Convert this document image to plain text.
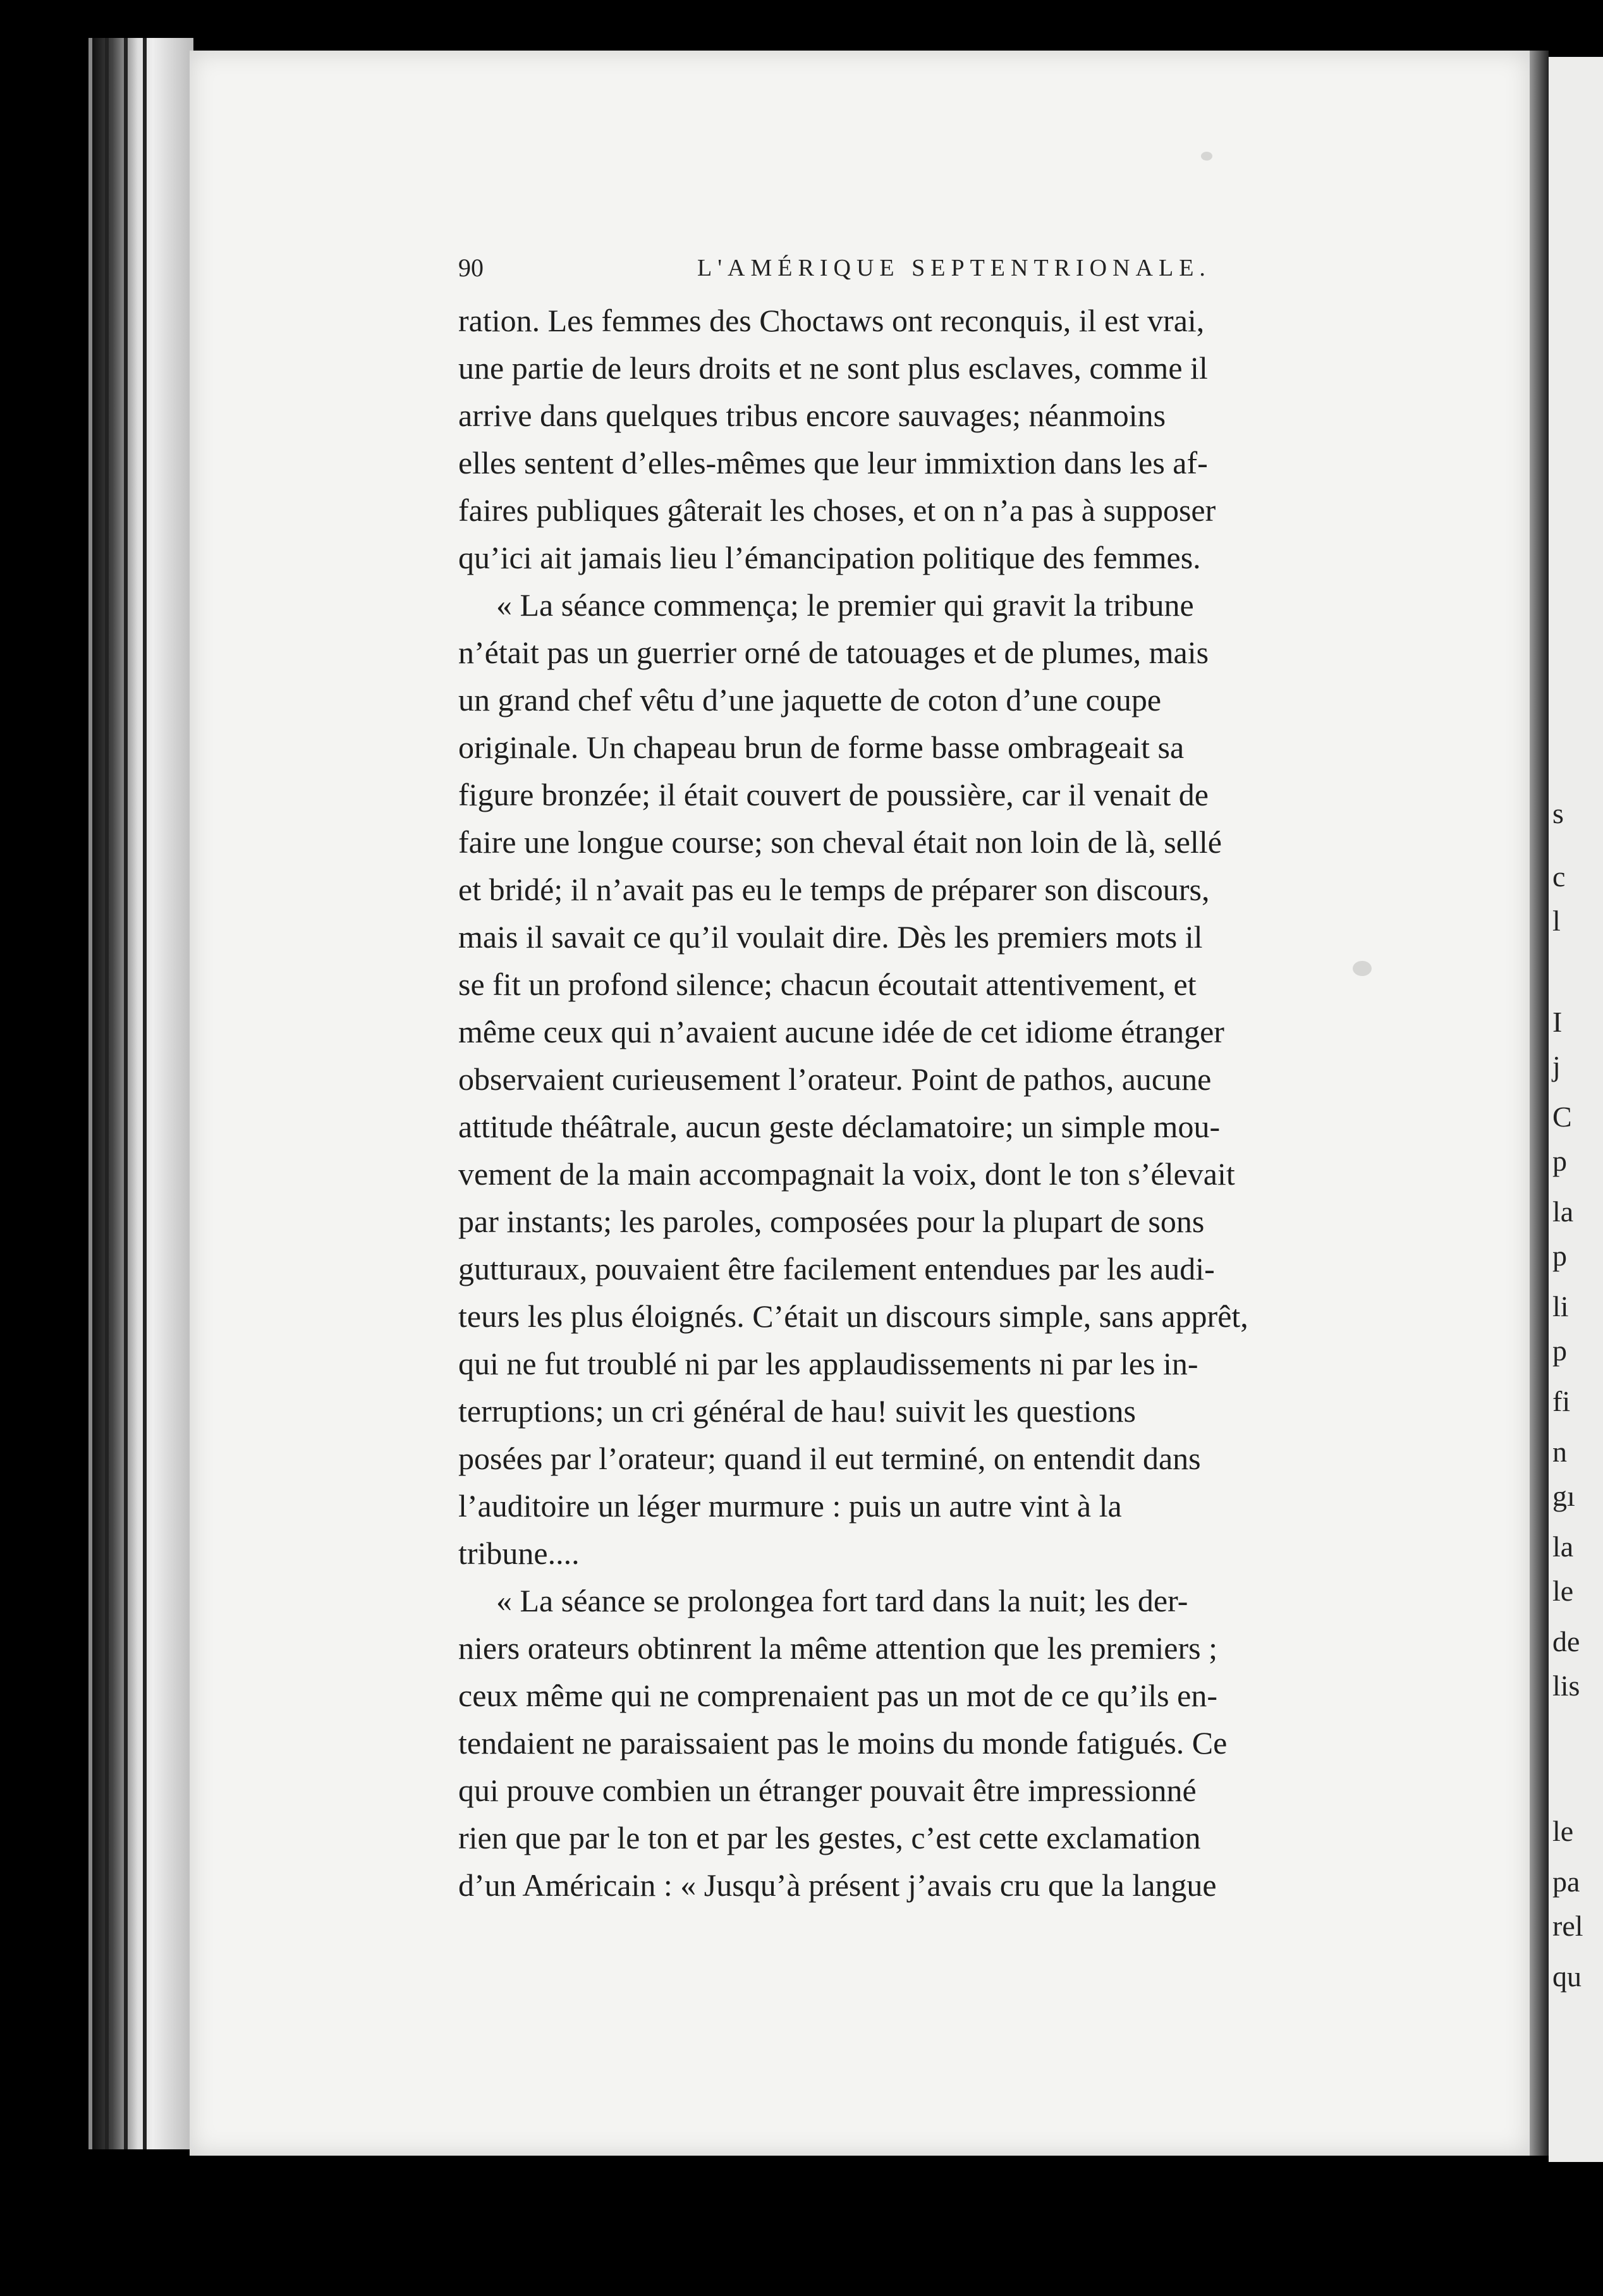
s
c
l
I
j
C
p
la
p
li
p
fi
n
gı
la
le
de
lis
le
pa
rel
qu
90	L'AMÉRIQUE SEPTENTRIONALE.
ration. Les femmes des Choctaws ont reconquis, il est vrai,
une partie de leurs droits et ne sont plus esclaves, comme il
arrive dans quelques tribus encore sauvages; néanmoins
elles sentent d’elles-mêmes que leur immixtion dans les af-
faires publiques gâterait les choses, et on n’a pas à supposer
qu’ici ait jamais lieu l’émancipation politique des femmes.
« La séance commença; le premier qui gravit la tribune
n’était pas un guerrier orné de tatouages et de plumes, mais
un grand chef vêtu d’une jaquette de coton d’une coupe
originale. Un chapeau brun de forme basse ombrageait sa
figure bronzée; il était couvert de poussière, car il venait de
faire une longue course; son cheval était non loin de là, sellé
et bridé; il n’avait pas eu le temps de préparer son discours,
mais il savait ce qu’il voulait dire. Dès les premiers mots il
se fit un profond silence; chacun écoutait attentivement, et
même ceux qui n’avaient aucune idée de cet idiome étranger
observaient curieusement l’orateur. Point de pathos, aucune
attitude théâtrale, aucun geste déclamatoire; un simple mou-
vement de la main accompagnait la voix, dont le ton s’élevait
par instants; les paroles, composées pour la plupart de sons
gutturaux, pouvaient être facilement entendues par les audi-
teurs les plus éloignés. C’était un discours simple, sans apprêt,
qui ne fut troublé ni par les applaudissements ni par les in-
terruptions; un cri général de hau! suivit les questions
posées par l’orateur; quand il eut terminé, on entendit dans
l’auditoire un léger murmure : puis un autre vint à la
tribune....
« La séance se prolongea fort tard dans la nuit; les der-
niers orateurs obtinrent la même attention que les premiers ;
ceux même qui ne comprenaient pas un mot de ce qu’ils en-
tendaient ne paraissaient pas le moins du monde fatigués. Ce
qui prouve combien un étranger pouvait être impressionné
rien que par le ton et par les gestes, c’est cette exclamation
d’un Américain : « Jusqu’à présent j’avais cru que la langue
